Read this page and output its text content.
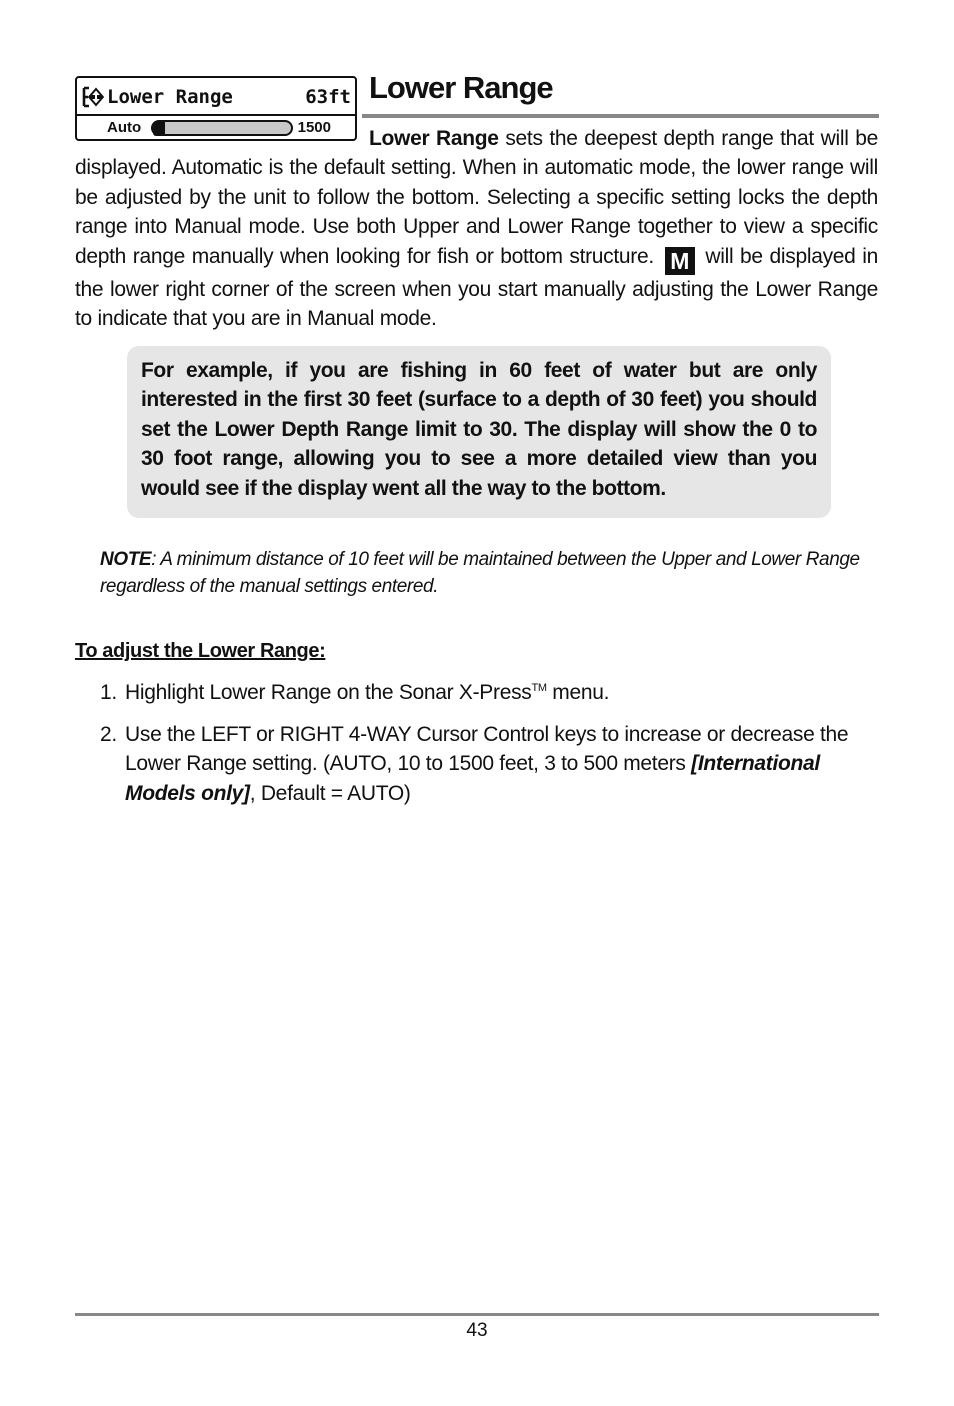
Lower Range	63ft
Auto	1500
Lower Range
Lower Range sets the deepest depth range that will be displayed. Automatic is the default setting. When in automatic mode, the lower range will be adjusted by the unit to follow the bottom. Selecting a specific setting locks the depth range into Manual mode. Use both Upper and Lower Range together to view a specific depth range manually when looking for fish or bottom structure. M will be displayed in the lower right corner of the screen when you start manually adjusting the Lower Range to indicate that you are in Manual mode.
For example, if you are fishing in 60 feet of water but are only interested in the first 30 feet (surface to a depth of 30 feet) you should set the Lower Depth Range limit to 30. The display will show the 0 to 30 foot range, allowing you to see a more detailed view than you would see if the display went all the way to the bottom.
NOTE: A minimum distance of 10 feet will be maintained between the Upper and Lower Range regardless of the manual settings entered.
To adjust the Lower Range:
1. Highlight Lower Range on the Sonar X-Press™ menu.
2. Use the LEFT or RIGHT 4-WAY Cursor Control keys to increase or decrease the Lower Range setting. (AUTO, 10 to 1500 feet, 3 to 500 meters [International Models only], Default = AUTO)
43
